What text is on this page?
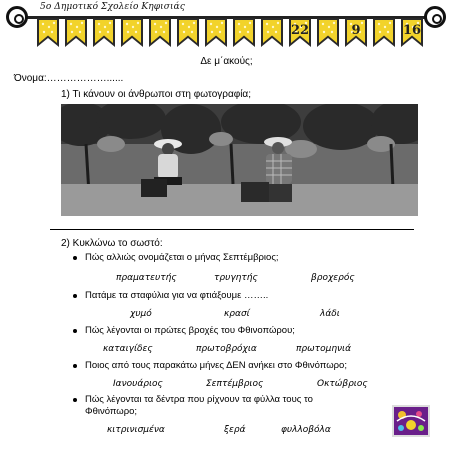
5ο Δημοτικό Σχολείο Κηφισιάς
22	9	16
Δε μ΄ακούς;
Όνομα:………………......
1) Τι κάνουν οι άνθρωποι στη φωτογραφία;
2) Κυκλώνω το σωστό:
Πώς αλλιώς ονομάζεται ο μήνας Σεπτέμβριος;
πραματευτής	τρυγητής	βροχερός
Πατάμε τα σταφύλια για να φτιάξουμε ……..
χυμό	κρασί	λάδι
Πώς λέγονται οι πρώτες βροχές του Φθινοπώρου;
καταιγίδες	πρωτοβρόχια	πρωτομηνιά
Ποιος από τους παρακάτω μήνες ΔΕΝ ανήκει στο Φθινόπωρο;
Ιανουάριος	Σεπτέμβριος	Οκτώβριος
Πώς λέγονται τα δέντρα που ρίχνουν τα φύλλα τους το
Φθινόπωρο;
κιτρινισμένα	ξερά	φυλλοβόλα
